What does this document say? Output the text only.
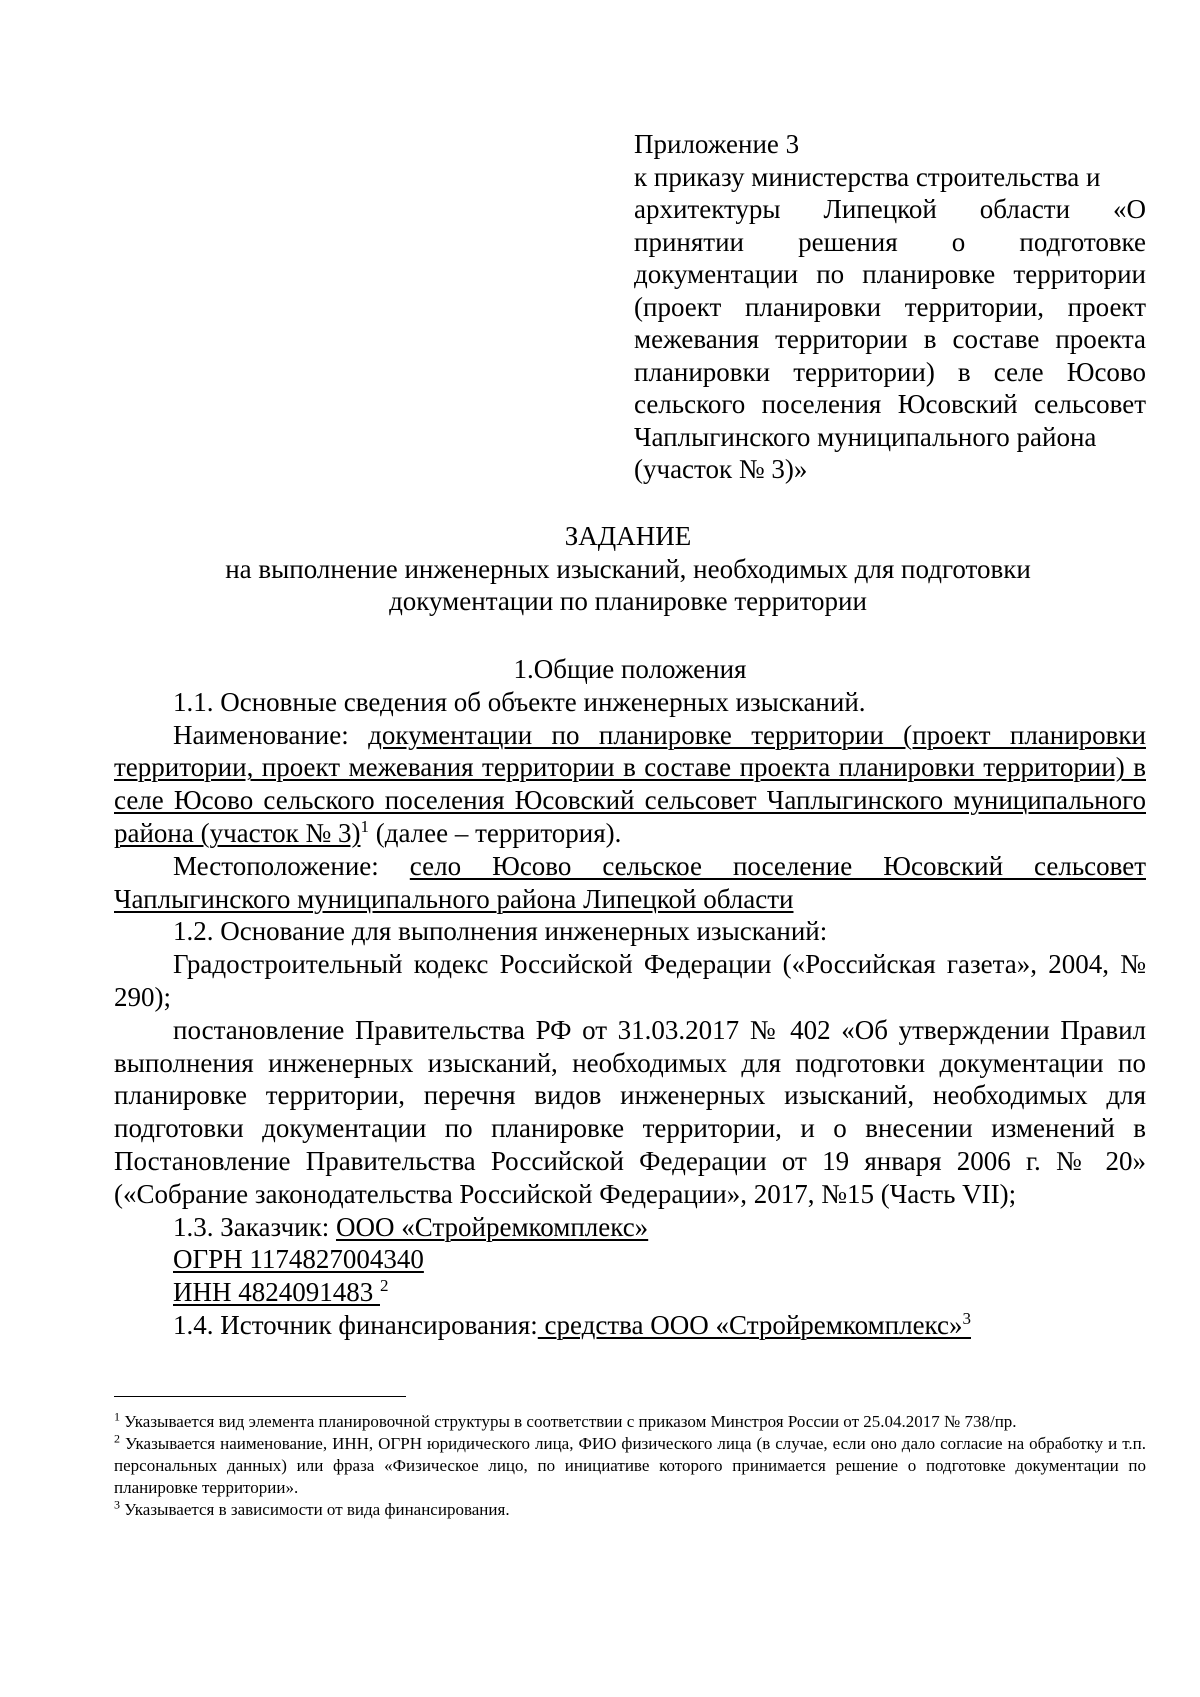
Приложение 3

к приказу министерства строительства и

архитектуры Липецкой области «О принятии решения о подготовке документации по планировке территории (проект планировки территории, проект межевания территории в составе проекта планировки территории) в селе Юсово сельского поселения Юсовский сельсовет Чаплыгинского муниципального района

(участок № 3)»

ЗАДАНИЕ

на выполнение инженерных изысканий, необходимых для подготовки

документации по планировке территории

1.Общие положения

1.1. Основные сведения об объекте инженерных изысканий.

Наименование: документации по планировке территории (проект планировки территории, проект межевания территории в составе проекта планировки территории) в селе Юсово сельского поселения Юсовский сельсовет Чаплыгинского муниципального района (участок № 3)$^1$ (далее – территория).

Местоположение: село Юсово сельское поселение Юсовский сельсовет Чаплыгинского муниципального района Липецкой области

1.2. Основание для выполнения инженерных изысканий:

Градостроительный кодекс Российской Федерации («Российская газета», 2004, № 290);

постановление Правительства РФ от 31.03.2017 № 402 «Об утверждении Правил выполнения инженерных изысканий, необходимых для подготовки документации по планировке территории, перечня видов инженерных изысканий, необходимых для подготовки документации по планировке территории, и о внесении изменений в Постановление Правительства Российской Федерации от 19 января 2006 г. № 20» («Собрание законодательства Российской Федерации», 2017, №15 (Часть VII);

1.3. Заказчик: ООО «Стройремкомплекс»

ОГРН 1174827004340

ИНН 4824091483 $^2$

1.4. Источник финансирования: средства ООО «Стройремкомплекс»$^3$

$^1$ Указывается вид элемента планировочной структуры в соответствии с приказом Минстроя России от 25.04.2017 № 738/пр.

$^2$ Указывается наименование, ИНН, ОГРН юридического лица, ФИО физического лица (в случае, если оно дало согласие на обработку и т.п. персональных данных) или фраза «Физическое лицо, по инициативе которого принимается решение о подготовке документации по планировке территории».

$^3$ Указывается в зависимости от вида финансирования.
